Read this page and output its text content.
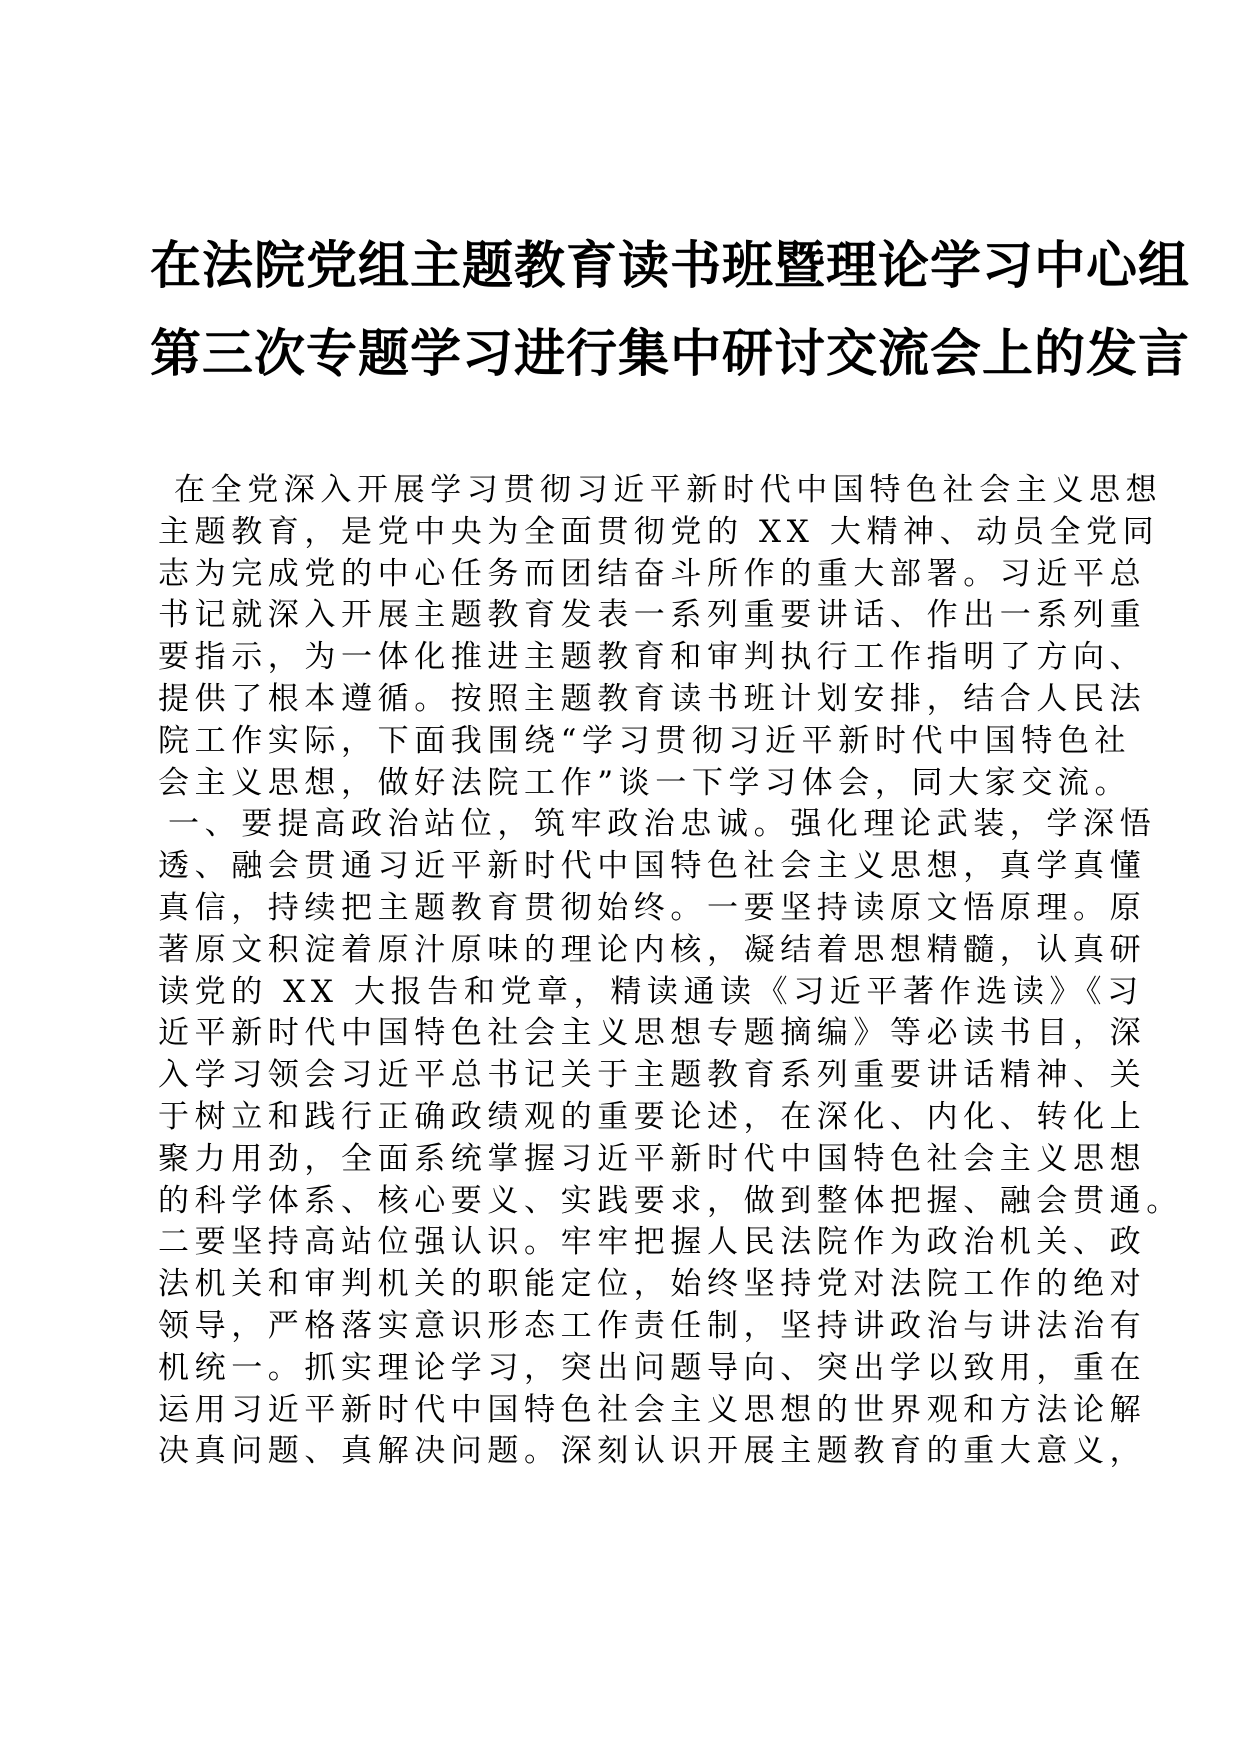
在法院党组主题教育读书班暨理论学习中心组
第三次专题学习进行集中研讨交流会上的发言
在全党深入开展学习贯彻习近平新时代中国特色社会主义思想
主题教育，是党中央为全面贯彻党的 XX 大精神、动员全党同
志为完成党的中心任务而团结奋斗所作的重大部署。习近平总
书记就深入开展主题教育发表一系列重要讲话、作出一系列重
要指示，为一体化推进主题教育和审判执行工作指明了方向、
提供了根本遵循。按照主题教育读书班计划安排，结合人民法
院工作实际，下面我围绕“学习贯彻习近平新时代中国特色社
会主义思想，做好法院工作”谈一下学习体会，同大家交流。
一、要提高政治站位，筑牢政治忠诚。强化理论武装，学深悟
透、融会贯通习近平新时代中国特色社会主义思想，真学真懂
真信，持续把主题教育贯彻始终。一要坚持读原文悟原理。原
著原文积淀着原汁原味的理论内核，凝结着思想精髓，认真研
读党的 XX 大报告和党章，精读通读《习近平著作选读》《习
近平新时代中国特色社会主义思想专题摘编》等必读书目，深
入学习领会习近平总书记关于主题教育系列重要讲话精神、关
于树立和践行正确政绩观的重要论述，在深化、内化、转化上
聚力用劲，全面系统掌握习近平新时代中国特色社会主义思想
的科学体系、核心要义、实践要求，做到整体把握、融会贯通。
二要坚持高站位强认识。牢牢把握人民法院作为政治机关、政
法机关和审判机关的职能定位，始终坚持党对法院工作的绝对
领导，严格落实意识形态工作责任制，坚持讲政治与讲法治有
机统一。抓实理论学习，突出问题导向、突出学以致用，重在
运用习近平新时代中国特色社会主义思想的世界观和方法论解
决真问题、真解决问题。深刻认识开展主题教育的重大意义，
